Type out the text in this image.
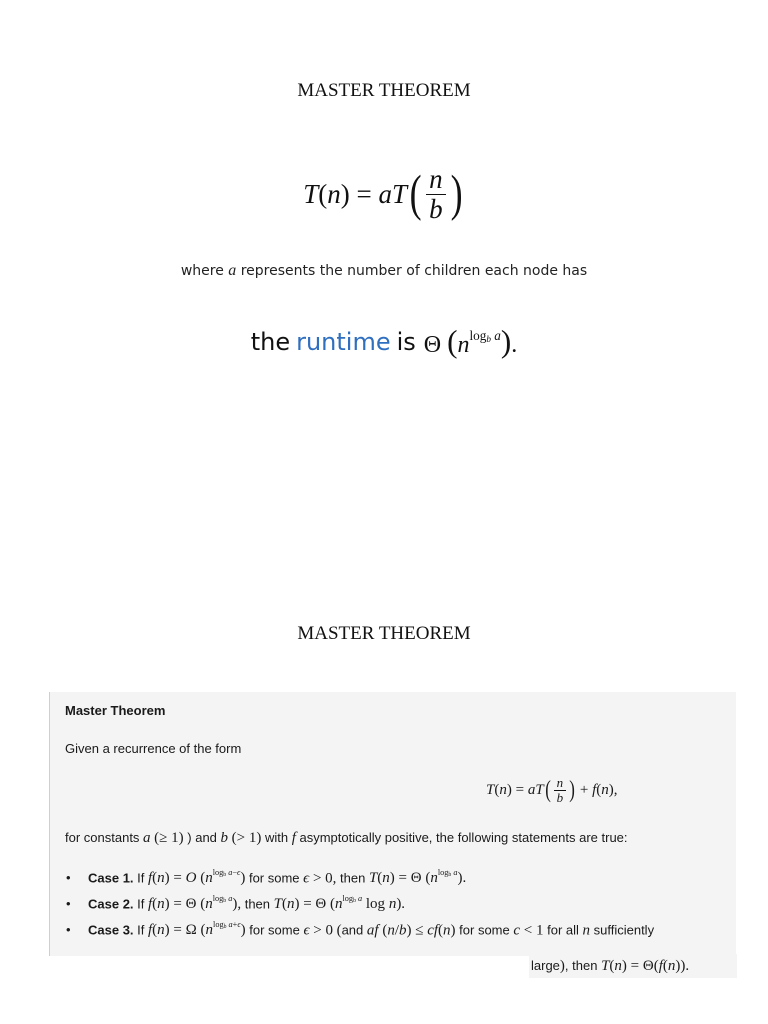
MASTER THEOREM
T ( n ) = aT ( $\frac{n}{b}$ )
where a represents the number of children each node has
the runtime is Θ $(n^{log_b a})$.
MASTER THEOREM
Master Theorem
Given a recurrence of the form
T ( n ) = aT ( $\frac{n}{b}$ ) + f ( n ),
for constants a (≥ 1) ) and b (> 1) with f asymptotically positive, the following statements are true:
• Case 1. If f(n) = O $(n^{log_b a-\epsilon})$ for some ϵ > 0, then T(n) = Θ $(n^{log_b a})$.
• Case 2. If f(n) = Θ $(n^{log_b a})$, then T(n) = Θ ($n^{log_b a}$ log n).
• Case 3. If f(n) = Ω $(n^{log_b a+\epsilon})$ for some ϵ > 0 (and af (n/b) ≤ cf(n) for some c < 1 for all n sufficiently
large), then T(n) = Θ(f(n)).
